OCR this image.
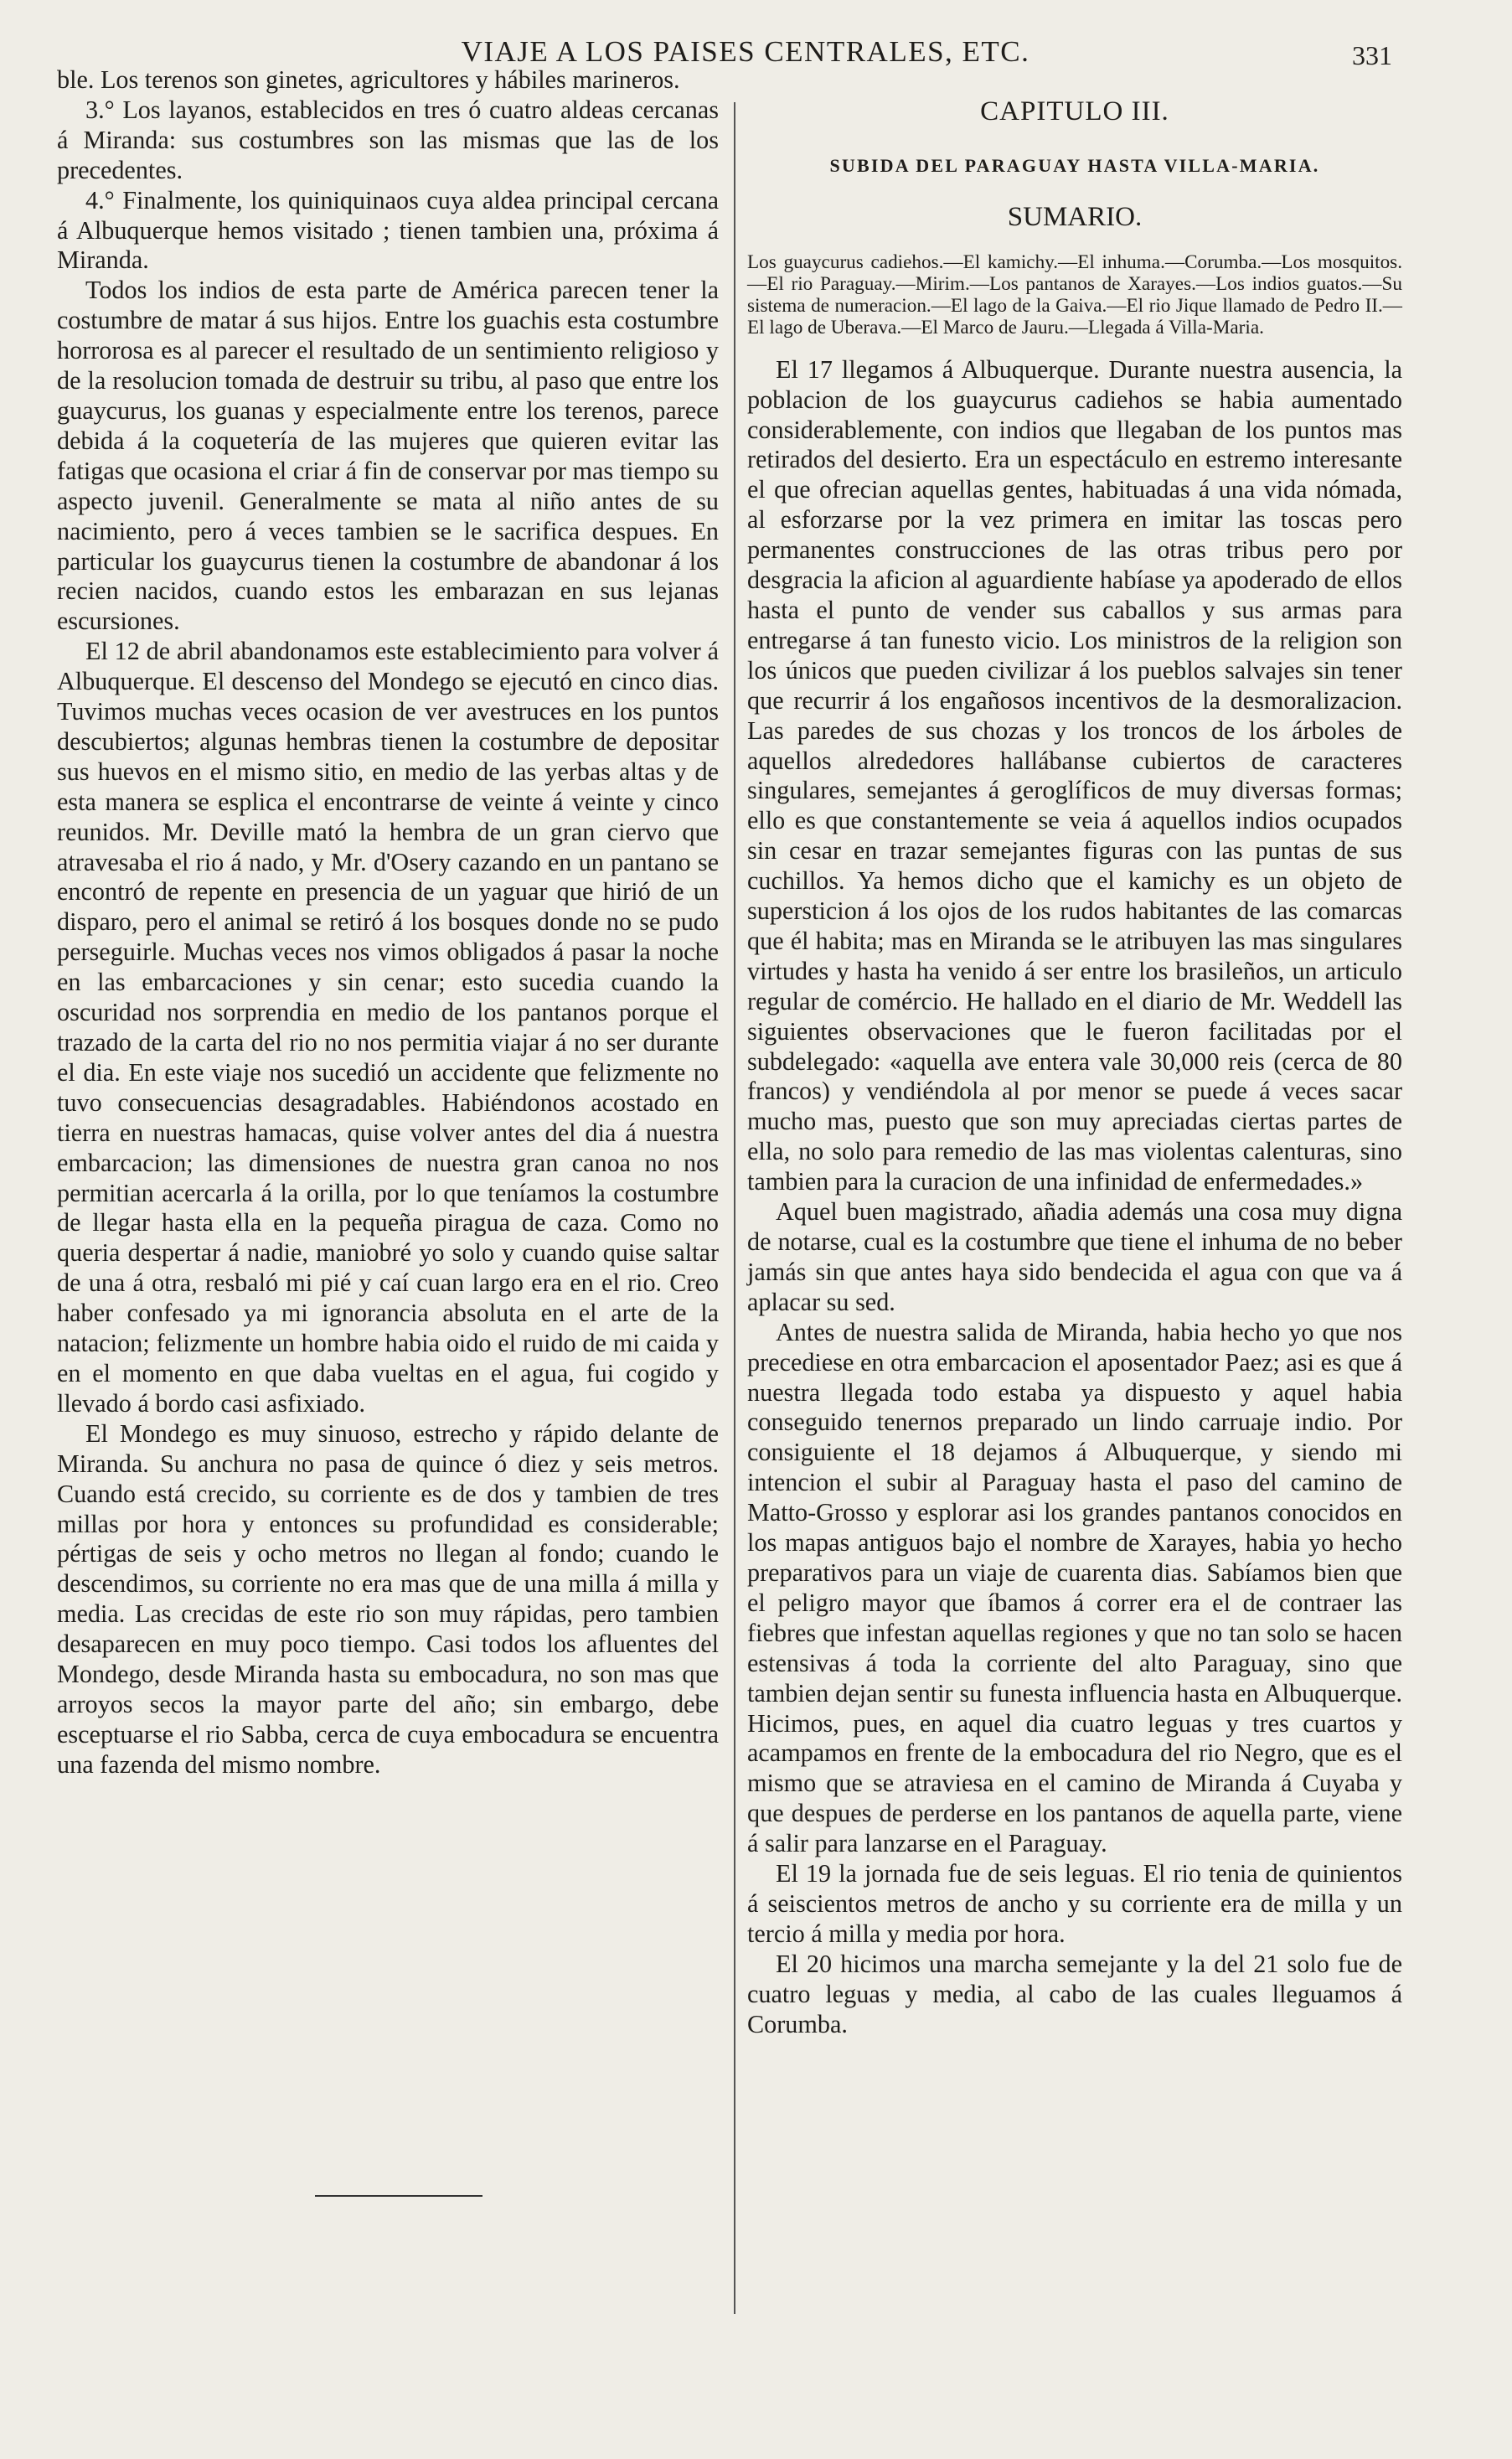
VIAJE A LOS PAISES CENTRALES, ETC.	331

ble. Los terenos son ginetes, agricultores y hábiles marineros.

3.° Los layanos, establecidos en tres ó cuatro aldeas cercanas á Miranda: sus costumbres son las mismas que las de los precedentes.

4.° Finalmente, los quiniquinaos cuya aldea principal cercana á Albuquerque hemos visitado ; tienen tambien una, próxima á Miranda.

Todos los indios de esta parte de América parecen tener la costumbre de matar á sus hijos. Entre los guachis esta costumbre horrorosa es al parecer el resultado de un sentimiento religioso y de la resolucion tomada de destruir su tribu, al paso que entre los guaycurus, los guanas y especialmente entre los terenos, parece debida á la coquetería de las mujeres que quieren evitar las fatigas que ocasiona el criar á fin de conservar por mas tiempo su aspecto juvenil. Generalmente se mata al niño antes de su nacimiento, pero á veces tambien se le sacrifica despues. En particular los guaycurus tienen la costumbre de abandonar á los recien nacidos, cuando estos les embarazan en sus lejanas escursiones.

El 12 de abril abandonamos este establecimiento para volver á Albuquerque. El descenso del Mondego se ejecutó en cinco dias. Tuvimos muchas veces ocasion de ver avestruces en los puntos descubiertos; algunas hembras tienen la costumbre de depositar sus huevos en el mismo sitio, en medio de las yerbas altas y de esta manera se esplica el encontrarse de veinte á veinte y cinco reunidos. Mr. Deville mató la hembra de un gran ciervo que atravesaba el rio á nado, y Mr. d'Osery cazando en un pantano se encontró de repente en presencia de un yaguar que hirió de un disparo, pero el animal se retiró á los bosques donde no se pudo perseguirle. Muchas veces nos vimos obligados á pasar la noche en las embarcaciones y sin cenar; esto sucedia cuando la oscuridad nos sorprendia en medio de los pantanos porque el trazado de la carta del rio no nos permitia viajar á no ser durante el dia. En este viaje nos sucedió un accidente que felizmente no tuvo consecuencias desagradables. Habiéndonos acostado en tierra en nuestras hamacas, quise volver antes del dia á nuestra embarcacion; las dimensiones de nuestra gran canoa no nos permitian acercarla á la orilla, por lo que teníamos la costumbre de llegar hasta ella en la pequeña piragua de caza. Como no queria despertar á nadie, maniobré yo solo y cuando quise saltar de una á otra, resbaló mi pié y caí cuan largo era en el rio. Creo haber confesado ya mi ignorancia absoluta en el arte de la natacion; felizmente un hombre habia oido el ruido de mi caida y en el momento en que daba vueltas en el agua, fui cogido y llevado á bordo casi asfixiado.

El Mondego es muy sinuoso, estrecho y rápido delante de Miranda. Su anchura no pasa de quince ó diez y seis metros. Cuando está crecido, su corriente es de dos y tambien de tres millas por hora y entonces su profundidad es considerable; pértigas de seis y ocho metros no llegan al fondo; cuando le descendimos, su corriente no era mas que de una milla á milla y media. Las crecidas de este rio son muy rápidas, pero tambien desaparecen en muy poco tiempo. Casi todos los afluentes del Mondego, desde Miranda hasta su embocadura, no son mas que arroyos secos la mayor parte del año; sin embargo, debe esceptuarse el rio Sabba, cerca de cuya embocadura se encuentra una fazenda del mismo nombre.

CAPITULO III.
SUBIDA DEL PARAGUAY HASTA VILLA-MARIA.
SUMARIO.
Los guaycurus cadiehos.—El kamichy.—El inhuma.—Corumba.—Los mosquitos.—El rio Paraguay.—Mirim.—Los pantanos de Xarayes.—Los indios guatos.—Su sistema de numeracion.—El lago de la Gaiva.—El rio Jique llamado de Pedro II.—El lago de Uberava.—El Marco de Jauru.—Llegada á Villa-Maria.

El 17 llegamos á Albuquerque. Durante nuestra ausencia, la poblacion de los guaycurus cadiehos se habia aumentado considerablemente, con indios que llegaban de los puntos mas retirados del desierto. Era un espectáculo en estremo interesante el que ofrecian aquellas gentes, habituadas á una vida nómada, al esforzarse por la vez primera en imitar las toscas pero permanentes construcciones de las otras tribus pero por desgracia la aficion al aguardiente habíase ya apoderado de ellos hasta el punto de vender sus caballos y sus armas para entregarse á tan funesto vicio. Los ministros de la religion son los únicos que pueden civilizar á los pueblos salvajes sin tener que recurrir á los engañosos incentivos de la desmoralizacion. Las paredes de sus chozas y los troncos de los árboles de aquellos alrededores hallábanse cubiertos de caracteres singulares, semejantes á geroglíficos de muy diversas formas; ello es que constantemente se veia á aquellos indios ocupados sin cesar en trazar semejantes figuras con las puntas de sus cuchillos. Ya hemos dicho que el kamichy es un objeto de supersticion á los ojos de los rudos habitantes de las comarcas que él habita; mas en Miranda se le atribuyen las mas singulares virtudes y hasta ha venido á ser entre los brasileños, un articulo regular de comércio. He hallado en el diario de Mr. Weddell las siguientes observaciones que le fueron facilitadas por el subdelegado: «aquella ave entera vale 30,000 reis (cerca de 80 francos) y vendiéndola al por menor se puede á veces sacar mucho mas, puesto que son muy apreciadas ciertas partes de ella, no solo para remedio de las mas violentas calenturas, sino tambien para la curacion de una infinidad de enfermedades.»

Aquel buen magistrado, añadia además una cosa muy digna de notarse, cual es la costumbre que tiene el inhuma de no beber jamás sin que antes haya sido bendecida el agua con que va á aplacar su sed.

Antes de nuestra salida de Miranda, habia hecho yo que nos precediese en otra embarcacion el aposentador Paez; asi es que á nuestra llegada todo estaba ya dispuesto y aquel habia conseguido tenernos preparado un lindo carruaje indio. Por consiguiente el 18 dejamos á Albuquerque, y siendo mi intencion el subir al Paraguay hasta el paso del camino de Matto-Grosso y esplorar asi los grandes pantanos conocidos en los mapas antiguos bajo el nombre de Xarayes, habia yo hecho preparativos para un viaje de cuarenta dias. Sabíamos bien que el peligro mayor que íbamos á correr era el de contraer las fiebres que infestan aquellas regiones y que no tan solo se hacen estensivas á toda la corriente del alto Paraguay, sino que tambien dejan sentir su funesta influencia hasta en Albuquerque. Hicimos, pues, en aquel dia cuatro leguas y tres cuartos y acampamos en frente de la embocadura del rio Negro, que es el mismo que se atraviesa en el camino de Miranda á Cuyaba y que despues de perderse en los pantanos de aquella parte, viene á salir para lanzarse en el Paraguay.

El 19 la jornada fue de seis leguas. El rio tenia de quinientos á seiscientos metros de ancho y su corriente era de milla y un tercio á milla y media por hora.

El 20 hicimos una marcha semejante y la del 21 solo fue de cuatro leguas y media, al cabo de las cuales lleguamos á Corumba.
